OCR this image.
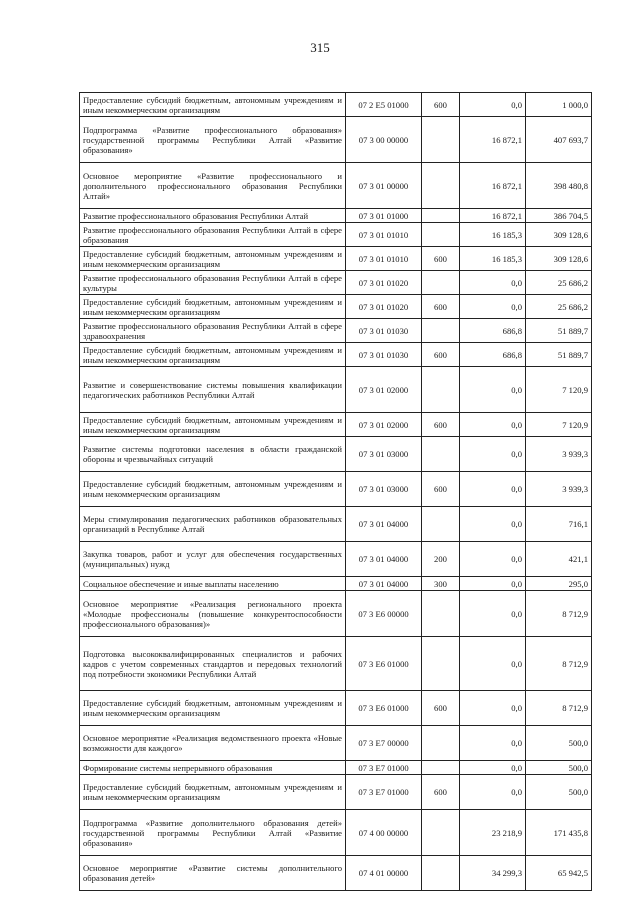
315
Предоставление субсидий бюджетным, автономным учреждениям и иным некоммерческим организациям	07 2 E5 01000	600	0,0	1 000,0
Подпрограмма «Развитие профессионального образования» государственной программы Республики Алтай «Развитие образования»	07 3 00 00000		16 872,1	407 693,7
Основное мероприятие «Развитие профессионального и дополнительного профессионального образования Республики Алтай»	07 3 01 00000		16 872,1	398 480,8
Развитие профессионального образования Республики Алтай	07 3 01 01000		16 872,1	386 704,5
Развитие профессионального образования Республики Алтай в сфере образования	07 3 01 01010		16 185,3	309 128,6
Предоставление субсидий бюджетным, автономным учреждениям и иным некоммерческим организациям	07 3 01 01010	600	16 185,3	309 128,6
Развитие профессионального образования Республики Алтай в сфере культуры	07 3 01 01020		0,0	25 686,2
Предоставление субсидий бюджетным, автономным учреждениям и иным некоммерческим организациям	07 3 01 01020	600	0,0	25 686,2
Развитие профессионального образования Республики Алтай в сфере здравоохранения	07 3 01 01030		686,8	51 889,7
Предоставление субсидий бюджетным, автономным учреждениям и иным некоммерческим организациям	07 3 01 01030	600	686,8	51 889,7
Развитие и совершенствование системы повышения квалификации педагогических работников Республики Алтай	07 3 01 02000		0,0	7 120,9
Предоставление субсидий бюджетным, автономным учреждениям и иным некоммерческим организациям	07 3 01 02000	600	0,0	7 120,9
Развитие системы подготовки населения в области гражданской обороны и чрезвычайных ситуаций	07 3 01 03000		0,0	3 939,3
Предоставление субсидий бюджетным, автономным учреждениям и иным некоммерческим организациям	07 3 01 03000	600	0,0	3 939,3
Меры стимулирования педагогических работников образовательных организаций в Республике Алтай	07 3 01 04000		0,0	716,1
Закупка товаров, работ и услуг для обеспечения государственных (муниципальных) нужд	07 3 01 04000	200	0,0	421,1
Социальное обеспечение и иные выплаты населению	07 3 01 04000	300	0,0	295,0
Основное мероприятие «Реализация регионального проекта «Молодые профессионалы (повышение конкурентоспособности профессионального образования)»	07 3 E6 00000		0,0	8 712,9
Подготовка высококвалифицированных специалистов и рабочих кадров с учетом современных стандартов и передовых технологий под потребности экономики Республики Алтай	07 3 E6 01000		0,0	8 712,9
Предоставление субсидий бюджетным, автономным учреждениям и иным некоммерческим организациям	07 3 E6 01000	600	0,0	8 712,9
Основное мероприятие «Реализация ведомственного проекта «Новые возможности для каждого»	07 3 E7 00000		0,0	500,0
Формирование системы непрерывного образования	07 3 E7 01000		0,0	500,0
Предоставление субсидий бюджетным, автономным учреждениям и иным некоммерческим организациям	07 3 E7 01000	600	0,0	500,0
Подпрограмма «Развитие дополнительного образования детей» государственной программы Республики Алтай «Развитие образования»	07 4 00 00000		23 218,9	171 435,8
Основное мероприятие «Развитие системы дополнительного образования детей»	07 4 01 00000		34 299,3	65 942,5
